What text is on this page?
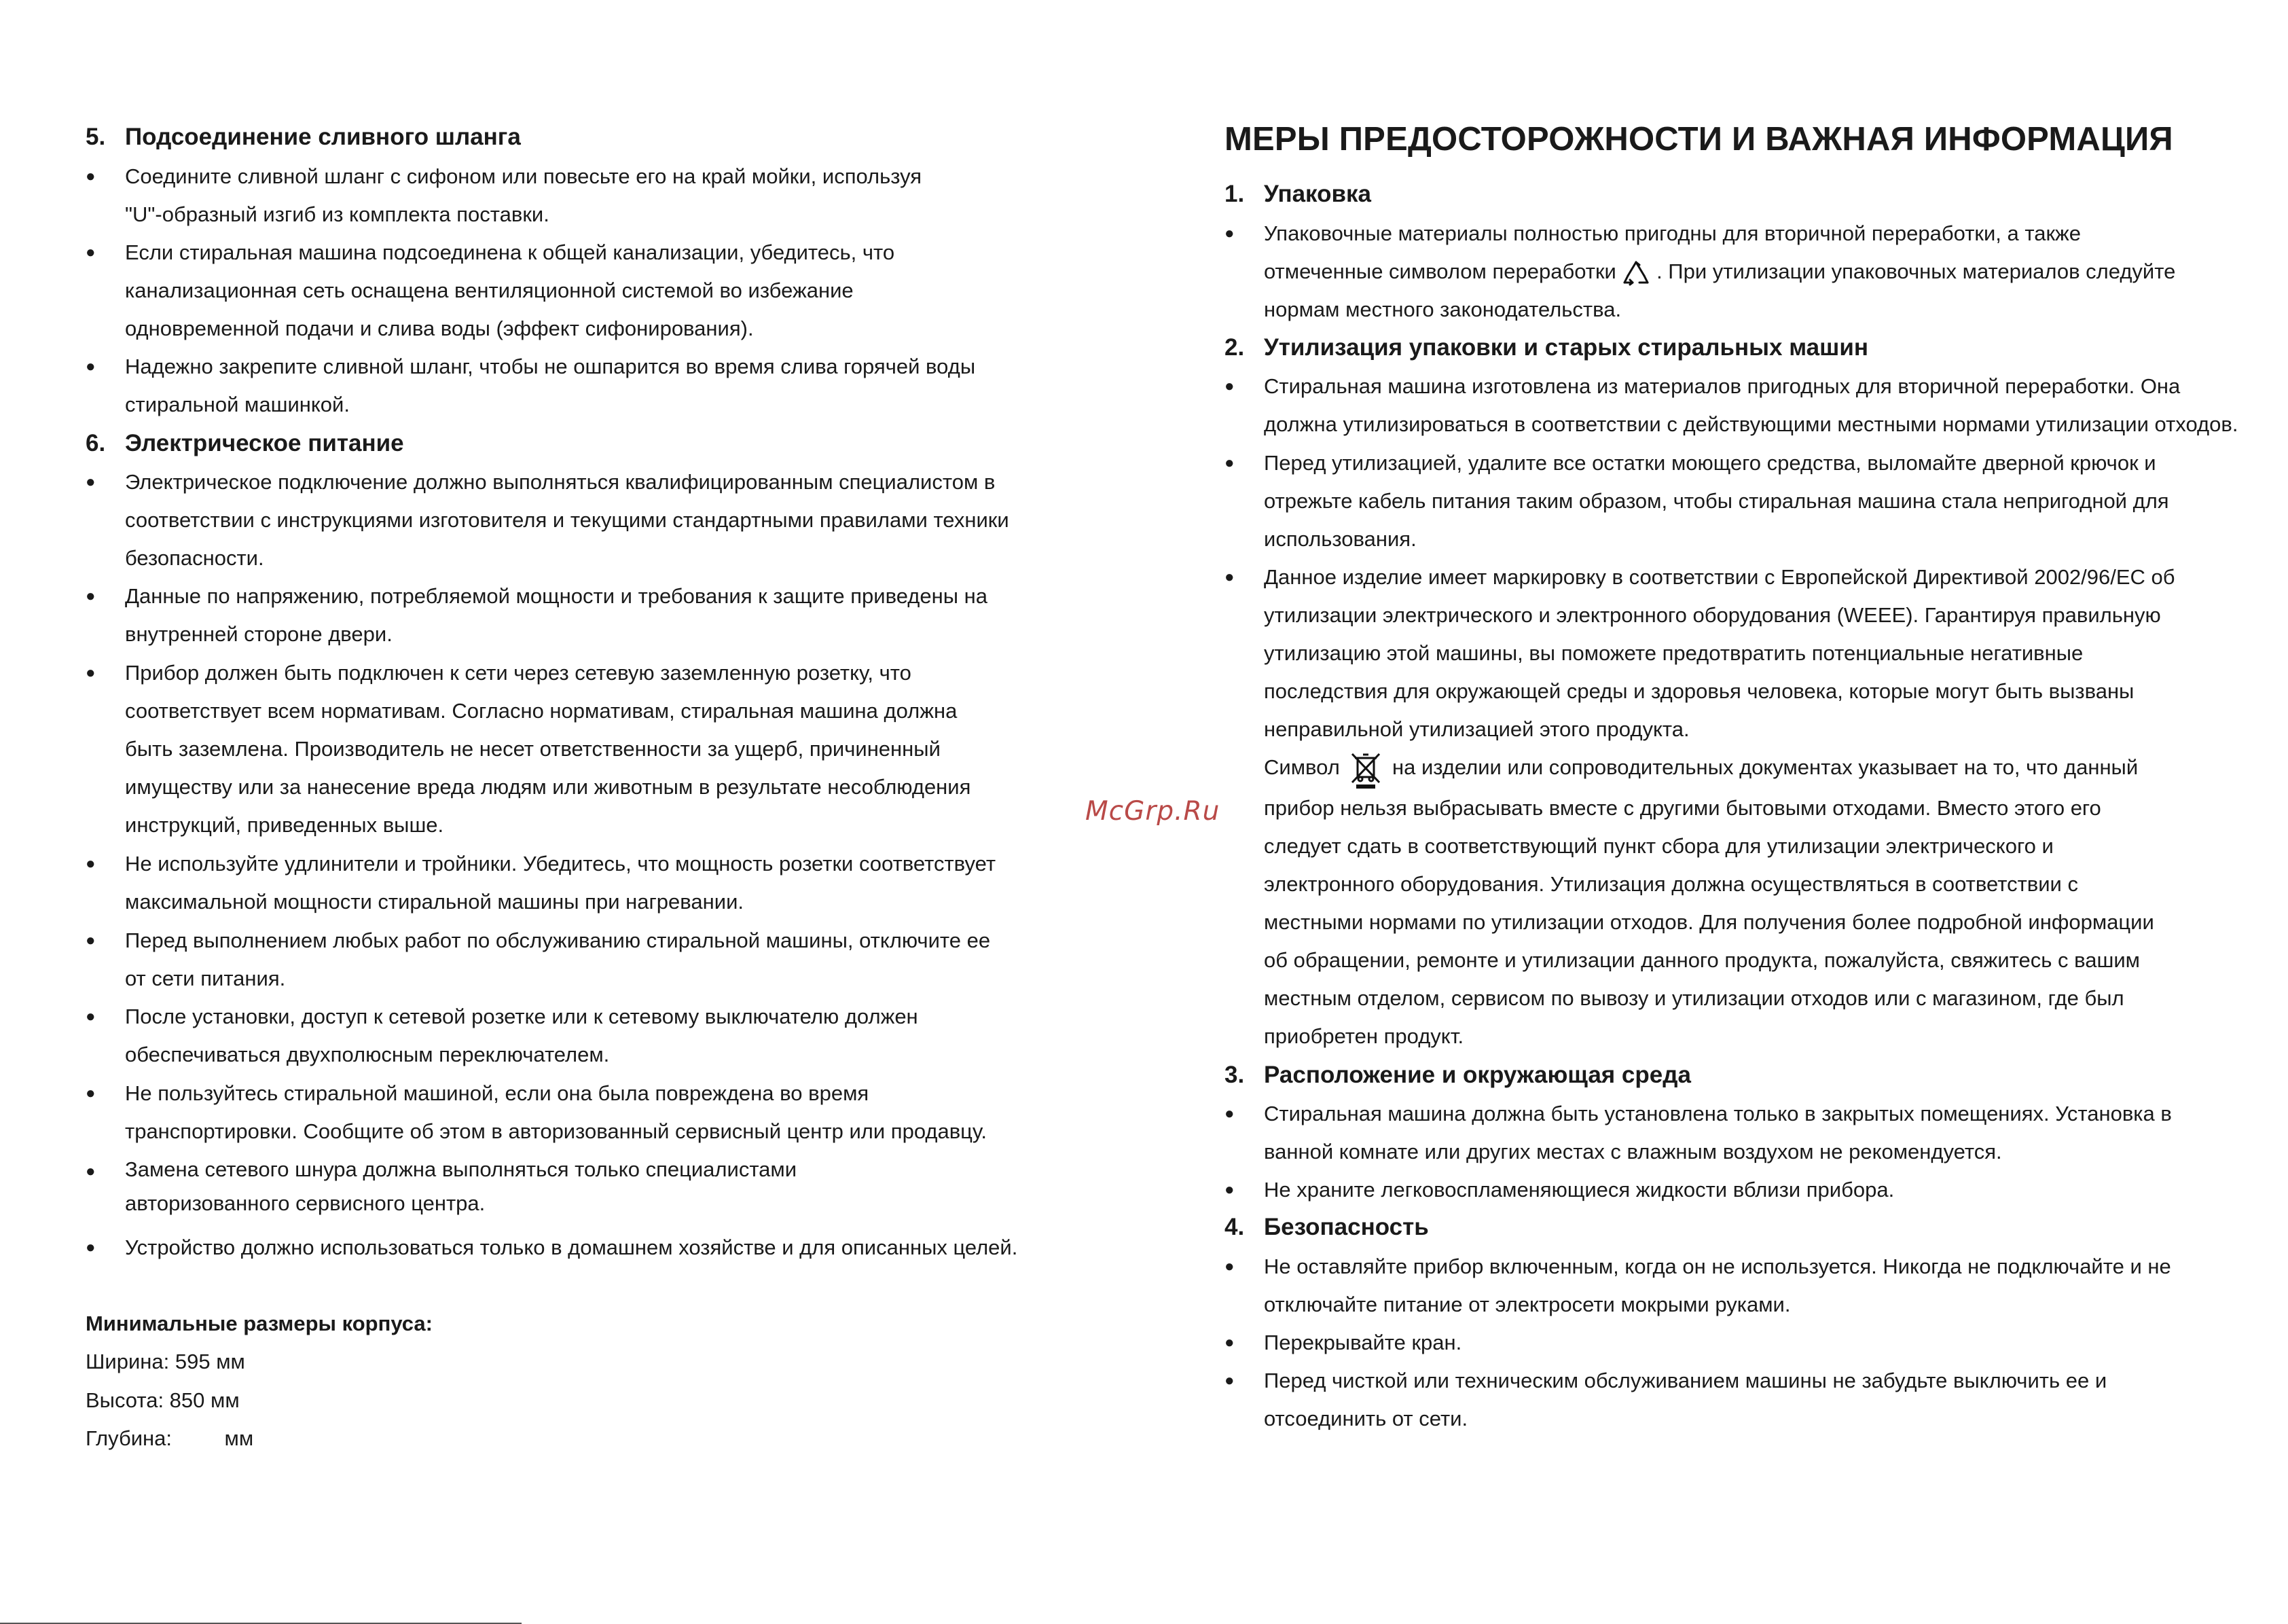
5. Подсоединение сливного шланга
● Соедините сливной шланг с сифоном или повесьте его на край мойки, используя
"U"-образный изгиб из комплекта поставки.
● Если стиральная машина подсоединена к общей канализации, убедитесь, что
канализационная сеть оснащена вентиляционной системой во избежание
одновременной подачи и слива воды (эффект сифонирования).
● Надежно закрепите сливной шланг, чтобы не ошпарится во время слива горячей воды
стиральной машинкой.
6. Электрическое питание
● Электрическое подключение должно выполняться квалифицированным специалистом в
соответствии с инструкциями изготовителя и текущими стандартными правилами техники
безопасности.
● Данные по напряжению, потребляемой мощности и требования к защите приведены на
внутренней стороне двери.
● Прибор должен быть подключен к сети через сетевую заземленную розетку, что
соответствует всем нормативам. Согласно нормативам, стиральная машина должна
быть заземлена. Производитель не несет ответственности за ущерб, причиненный
имуществу или за нанесение вреда людям или животным в результате несоблюдения
инструкций, приведенных выше.
● Не используйте удлинители и тройники. Убедитесь, что мощность розетки соответствует
максимальной мощности стиральной машины при нагревании.
● Перед выполнением любых работ по обслуживанию стиральной машины, отключите ее
от сети питания.
● После установки, доступ к сетевой розетке или к сетевому выключателю должен
обеспечиваться двухполюсным переключателем.
● Не пользуйтесь стиральной машиной, если она была повреждена во время
транспортировки. Сообщите об этом в авторизованный сервисный центр или продавцу.
● Замена сетевого шнура должна выполняться только специалистами
авторизованного сервисного центра.
● Устройство должно использоваться только в домашнем хозяйстве и для описанных целей.
Минимальные размеры корпуса:
Ширина: 595 мм
Высота: 850 мм
Глубина:         мм
McGrp.Ru
МЕРЫ ПРЕДОСТОРОЖНОСТИ И ВАЖНАЯ ИНФОРМАЦИЯ
1. Упаковка
● Упаковочные материалы полностью пригодны для вторичной переработки, а также
отмеченные символом переработки  . При утилизации упаковочных материалов следуйте
нормам местного законодательства.
2. Утилизация упаковки и старых стиральных машин
● Стиральная машина изготовлена из материалов пригодных для вторичной переработки. Она
должна утилизироваться в соответствии с действующими местными нормами утилизации отходов.
● Перед утилизацией, удалите все остатки моющего средства, выломайте дверной крючок и
отрежьте кабель питания таким образом, чтобы стиральная машина стала непригодной для
использования.
● Данное изделие имеет маркировку в соответствии с Европейской Директивой 2002/96/EC об
утилизации электрического и электронного оборудования (WEEE). Гарантируя правильную
утилизацию этой машины, вы поможете предотвратить потенциальные негативные
последствия для окружающей среды и здоровья человека, которые могут быть вызваны
неправильной утилизацией этого продукта.
Символ  на изделии или сопроводительных документах указывает на то, что данный
прибор нельзя выбрасывать вместе с другими бытовыми отходами. Вместо этого его
следует сдать в соответствующий пункт сбора для утилизации электрического и
электронного оборудования. Утилизация должна осуществляться в соответствии с
местными нормами по утилизации отходов. Для получения более подробной информации
об обращении, ремонте и утилизации данного продукта, пожалуйста, свяжитесь с вашим
местным отделом, сервисом по вывозу и утилизации отходов или с магазином, где был
приобретен продукт.
3. Расположение и окружающая среда
● Стиральная машина должна быть установлена только в закрытых помещениях. Установка в
ванной комнате или других местах с влажным воздухом не рекомендуется.
● Не храните легковоспламеняющиеся жидкости вблизи прибора.
4. Безопасность
● Не оставляйте прибор включенным, когда он не используется. Никогда не подключайте и не
отключайте питание от электросети мокрыми руками.
● Перекрывайте кран.
● Перед чисткой или техническим обслуживанием машины не забудьте выключить ее и
отсоединить от сети.
